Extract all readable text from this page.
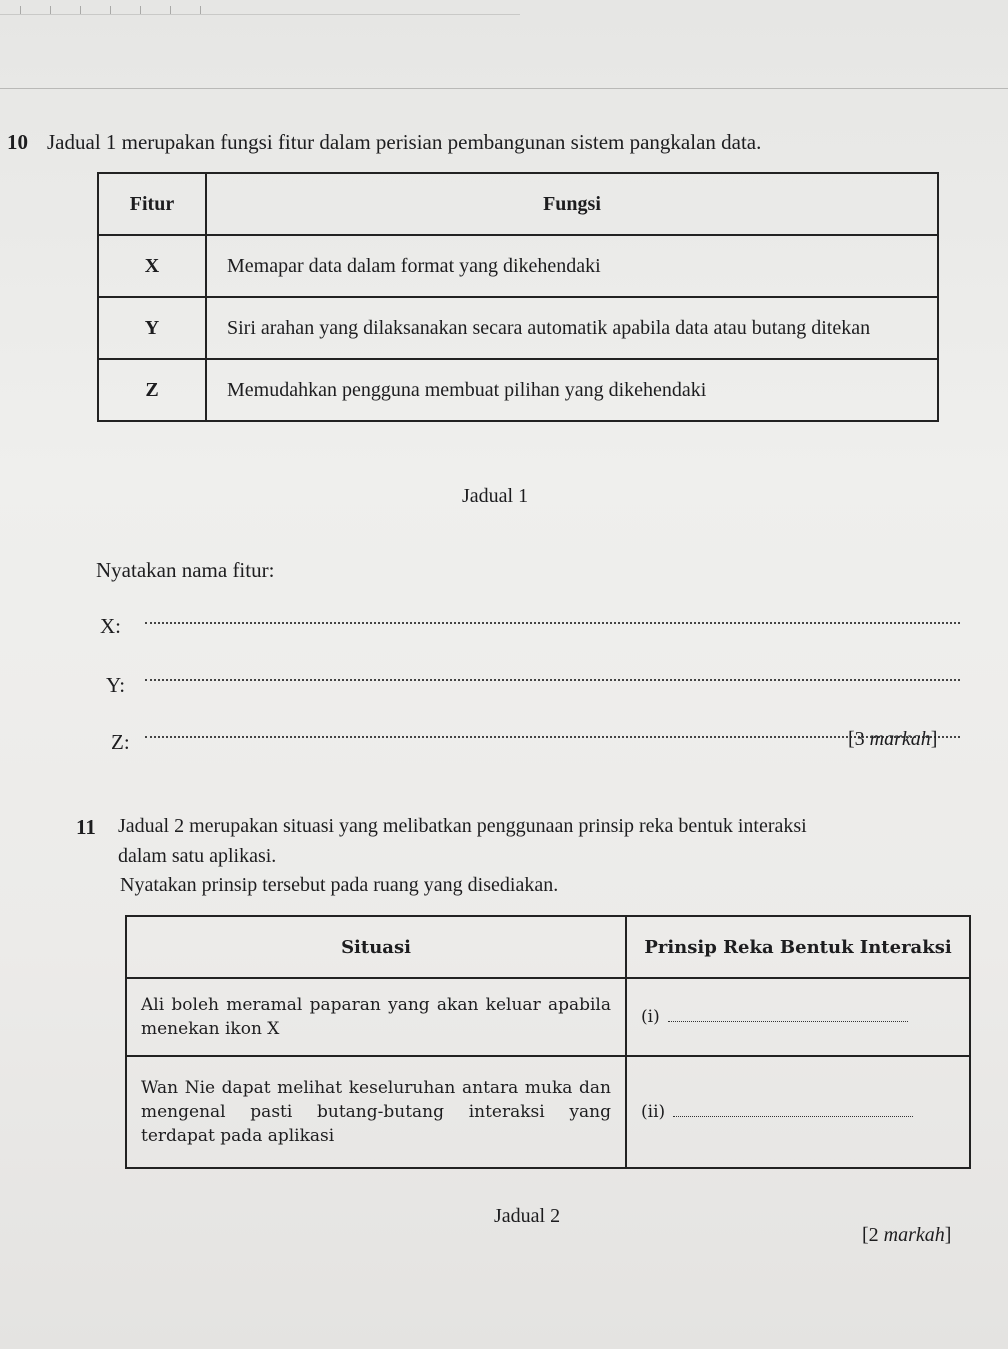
10 Jadual 1 merupakan fungsi fitur dalam perisian pembangunan sistem pangkalan data.
Fitur	Fungsi
X	Memapar data dalam format yang dikehendaki
Y	Siri arahan yang dilaksanakan secara automatik apabila data atau butang ditekan
Z	Memudahkan pengguna membuat pilihan yang dikehendaki
Jadual 1
Nyatakan nama fitur:
X:
Y:
Z:	[3 markah]
11 Jadual 2 merupakan situasi yang melibatkan penggunaan prinsip reka bentuk interaksi
dalam satu aplikasi.
Nyatakan prinsip tersebut pada ruang yang disediakan.
Situasi	Prinsip Reka Bentuk Interaksi
Ali boleh meramal paparan yang akan keluar apabila menekan ikon X	(i)
Wan Nie dapat melihat keseluruhan antara muka dan mengenal pasti butang-butang interaksi yang terdapat pada aplikasi	(ii)
Jadual 2
[2 markah]
